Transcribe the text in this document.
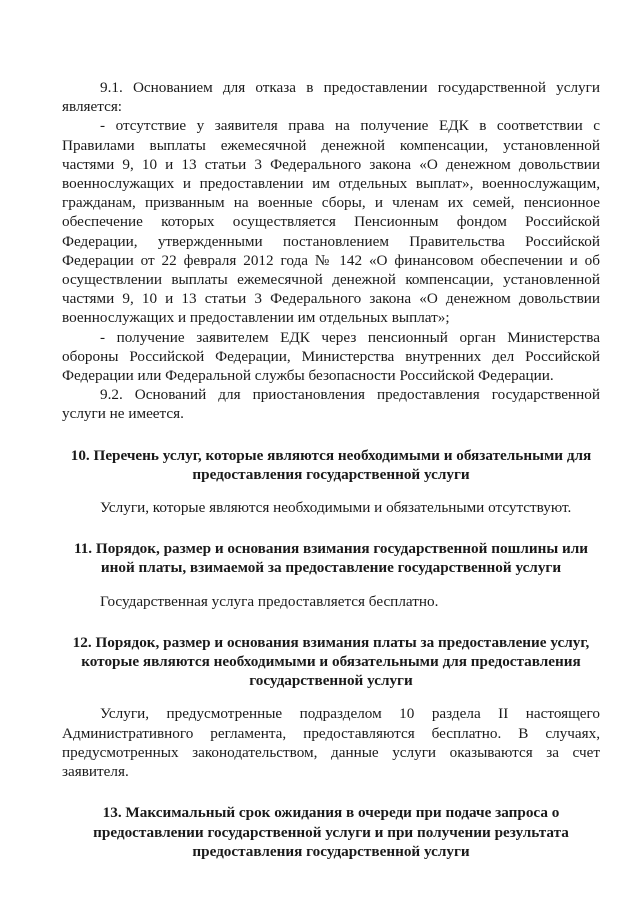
9.1. Основанием для отказа в предоставлении государственной услуги является:

- отсутствие у заявителя права на получение ЕДК в соответствии с Правилами выплаты ежемесячной денежной компенсации, установленной частями 9, 10 и 13 статьи 3 Федерального закона «О денежном довольствии военнослужащих и предоставлении им отдельных выплат», военнослужащим, гражданам, призванным на военные сборы, и членам их семей, пенсионное обеспечение которых осуществляется Пенсионным фондом Российской Федерации, утвержденными постановлением Правительства Российской Федерации от 22 февраля 2012 года № 142 «О финансовом обеспечении и об осуществлении выплаты ежемесячной денежной компенсации, установленной частями 9, 10 и 13 статьи 3 Федерального закона «О денежном довольствии военнослужащих и предоставлении им отдельных выплат»;

- получение заявителем ЕДК через пенсионный орган Министерства обороны Российской Федерации, Министерства внутренних дел Российской Федерации или Федеральной службы безопасности Российской Федерации.

9.2. Оснований для приостановления предоставления государственной услуги не имеется.

10. Перечень услуг, которые являются необходимыми и обязательными для предоставления государственной услуги

Услуги, которые являются необходимыми и обязательными отсутствуют.

11. Порядок, размер и основания взимания государственной пошлины или иной платы, взимаемой за предоставление государственной услуги

Государственная услуга предоставляется бесплатно.

12. Порядок, размер и основания взимания платы за предоставление услуг, которые являются необходимыми и обязательными для предоставления государственной услуги

Услуги, предусмотренные подразделом 10 раздела II настоящего Административного регламента, предоставляются бесплатно. В случаях, предусмотренных законодательством, данные услуги оказываются за счет заявителя.

13. Максимальный срок ожидания в очереди при подаче запроса о предоставлении государственной услуги и при получении результата предоставления государственной услуги
